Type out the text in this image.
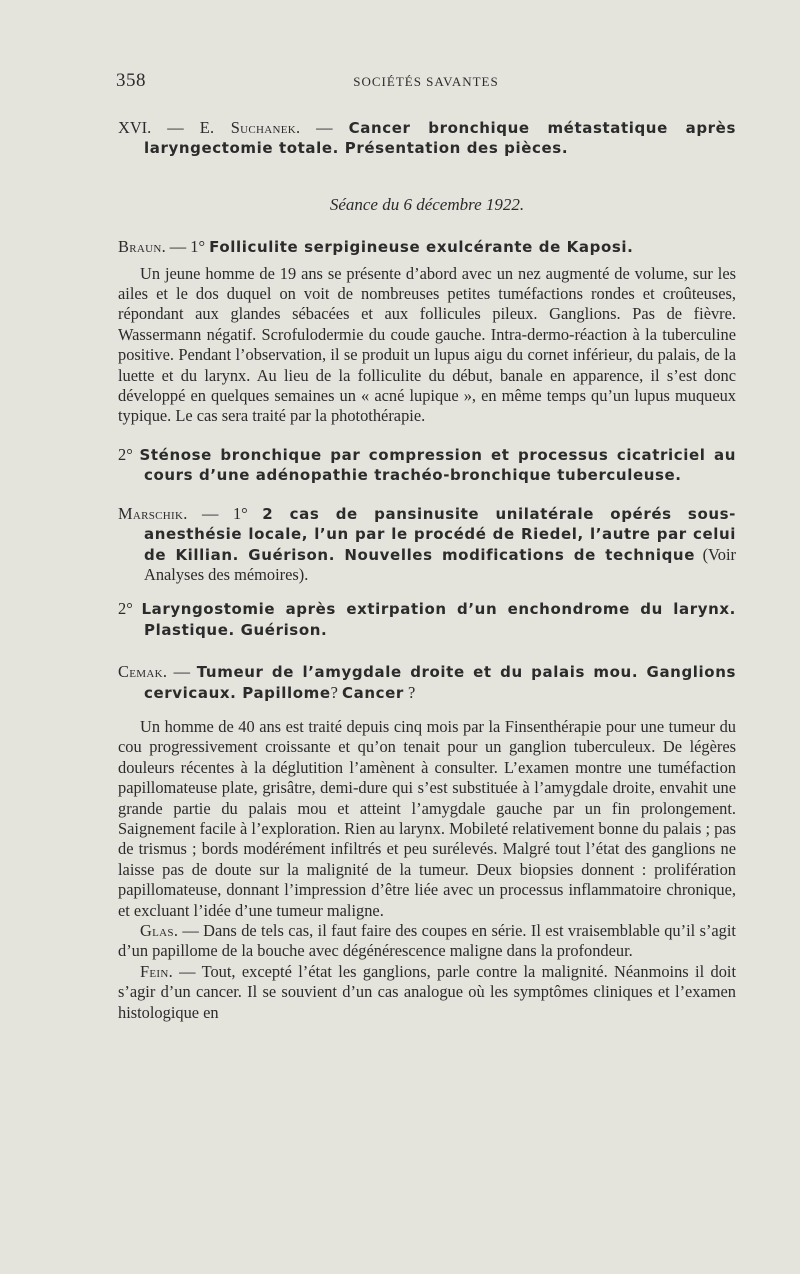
358	SOCIÉTÉS SAVANTES

XVI. — E. Suchanek. — Cancer bronchique métastatique après laryngectomie totale. Présentation des pièces.

Séance du 6 décembre 1922.

Braun. — 1° Folliculite serpigineuse exulcérante de Kaposi.

Un jeune homme de 19 ans se présente d’abord avec un nez augmenté de volume, sur les ailes et le dos duquel on voit de nombreuses petites tuméfactions rondes et croûteuses, répondant aux glandes sébacées et aux follicules pileux. Ganglions. Pas de fièvre. Wassermann négatif. Scrofulodermie du coude gauche. Intra-dermo-réaction à la tuberculine positive. Pendant l’observation, il se produit un lupus aigu du cornet inférieur, du palais, de la luette et du larynx. Au lieu de la folliculite du début, banale en apparence, il s’est donc développé en quelques semaines un « acné lupique », en même temps qu’un lupus muqueux typique. Le cas sera traité par la photothérapie.

2° Sténose bronchique par compression et processus cicatriciel au cours d’une adénopathie trachéo-bronchique tuberculeuse.

Marschik. — 1° 2 cas de pansinusite unilatérale opérés sous-anesthésie locale, l’un par le procédé de Riedel, l’autre par celui de Killian. Guérison. Nouvelles modifications de technique (Voir Analyses des mémoires).

2° Laryngostomie après extirpation d’un enchondrome du larynx. Plastique. Guérison.

Cemak. — Tumeur de l’amygdale droite et du palais mou. Ganglions cervicaux. Papillome? Cancer ?

Un homme de 40 ans est traité depuis cinq mois par la Finsenthérapie pour une tumeur du cou progressivement croissante et qu’on tenait pour un ganglion tuberculeux. De légères douleurs récentes à la déglutition l’amènent à consulter. L’examen montre une tuméfaction papillomateuse plate, grisâtre, demi-dure qui s’est substituée à l’amygdale droite, envahit une grande partie du palais mou et atteint l’amygdale gauche par un fin prolongement. Saignement facile à l’exploration. Rien au larynx. Mobileté relativement bonne du palais ; pas de trismus ; bords modérément infiltrés et peu surélevés. Malgré tout l’état des ganglions ne laisse pas de doute sur la malignité de la tumeur. Deux biopsies donnent : prolifération papillomateuse, donnant l’impression d’être liée avec un processus inflammatoire chronique, et excluant l’idée d’une tumeur maligne.

Glas. — Dans de tels cas, il faut faire des coupes en série. Il est vraisemblable qu’il s’agit d’un papillome de la bouche avec dégénérescence maligne dans la profondeur.

Fein. — Tout, excepté l’état les ganglions, parle contre la malignité. Néanmoins il doit s’agir d’un cancer. Il se souvient d’un cas analogue où les symptômes cliniques et l’examen histologique en
